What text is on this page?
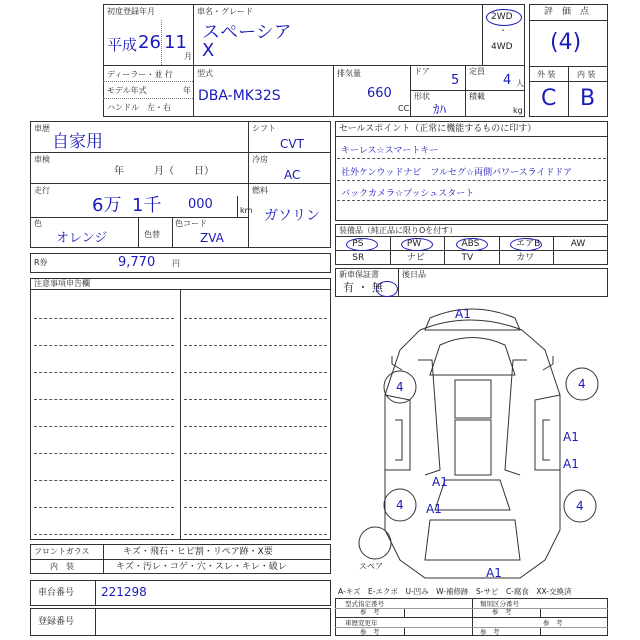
初度登録年月
平成 26 11
月
車名・グレード
スペーシア
X
2WD
・
4WD
ディーラー・並 行
モデル年式	年
ハンドル　左・右
型式
DBA-MK32S
排気量
660
CC
ドア
5
定員
4 人
形状
ｶﾊ
積載
kg
評　価　点
(4)
外 装	内 装
C B
車歴
自家用
車検
年　　　月（　　日）
走行
6万 1千 000	km
色
オレンジ	色替
色コード
ZVA
シフト
CVT
冷房
AC
燃料
ガソリン
R券	9,770 円
注意事項申告欄
フロントガラス	キズ・飛石・ヒビ割・リペア跡・X要
内　装	キズ・汚レ・コゲ・穴・スレ・キレ・破レ
車台番号 221298
登録番号
セールスポイント（正常に機能するものに印す）
キーレス☆スマートキー
社外ケンウッドナビ　フルセグ☆両側パワースライドドア
バックカメラ☆プッシュスタート
装備品（純正品に限りOを付す）
PS	PW	ABS	エアB	AW
SR	ナビ	TV	カワ
新車保証書
有 ・ 無
後日品
A1
4	4
A1
A1
A1
A1
4	4
A1
スペア
A-キズ　E-エクボ　U-凹み　W-補修跡　S-サビ　C-腐食　XX-交換済
型式指定番号
参　考
類別区分番号
参　考
車歴変更年
参　考	参　考
参　考
